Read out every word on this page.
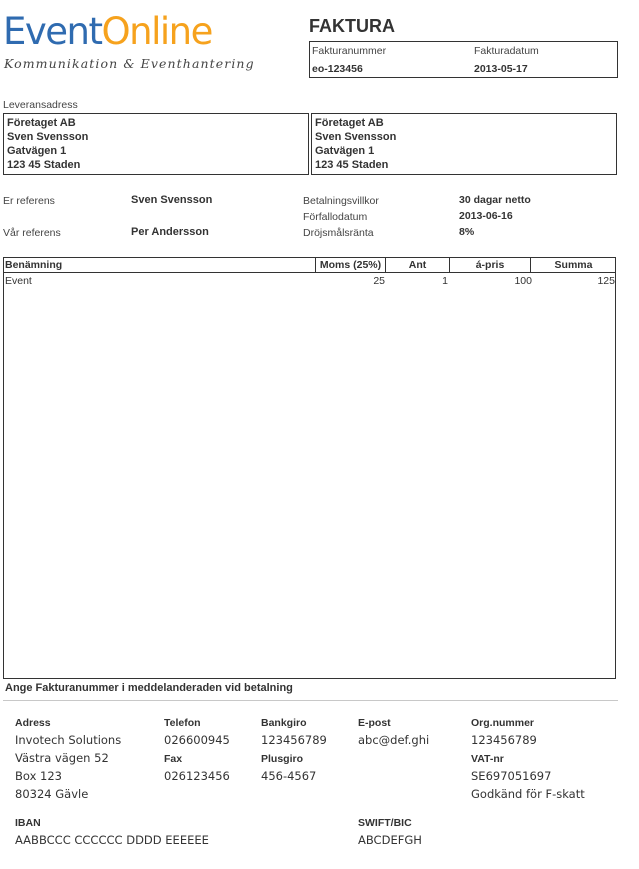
EventOnline
Kommunikation & Eventhantering
FAKTURA
Fakturanummer
eo-123456
Fakturadatum
2013-05-17
Leveransadress
Företaget AB
Sven Svensson
Gatvägen 1
123 45 Staden
Företaget AB
Sven Svensson
Gatvägen 1
123 45 Staden
Er referens	Sven Svensson
Vår referens	Per Andersson
Betalningsvillkor	30 dagar netto
Förfallodatum	2013-06-16
Dröjsmålsränta	8%
Benämning	Moms (25%)	Ant	á-pris	Summa
Event	25	1	100	125
Ange Fakturanummer i meddelanderaden vid betalning
Adress
Invotech Solutions
Västra vägen 52
Box 123
80324 Gävle
Telefon
026600945
Fax
026123456
Bankgiro
123456789
Plusgiro
456-4567
E-post
abc@def.ghi
Org.nummer
123456789
VAT-nr
SE697051697
Godkänd för F-skatt
IBAN
AABBCCC CCCCCC DDDD EEEEEE
SWIFT/BIC
ABCDEFGH
